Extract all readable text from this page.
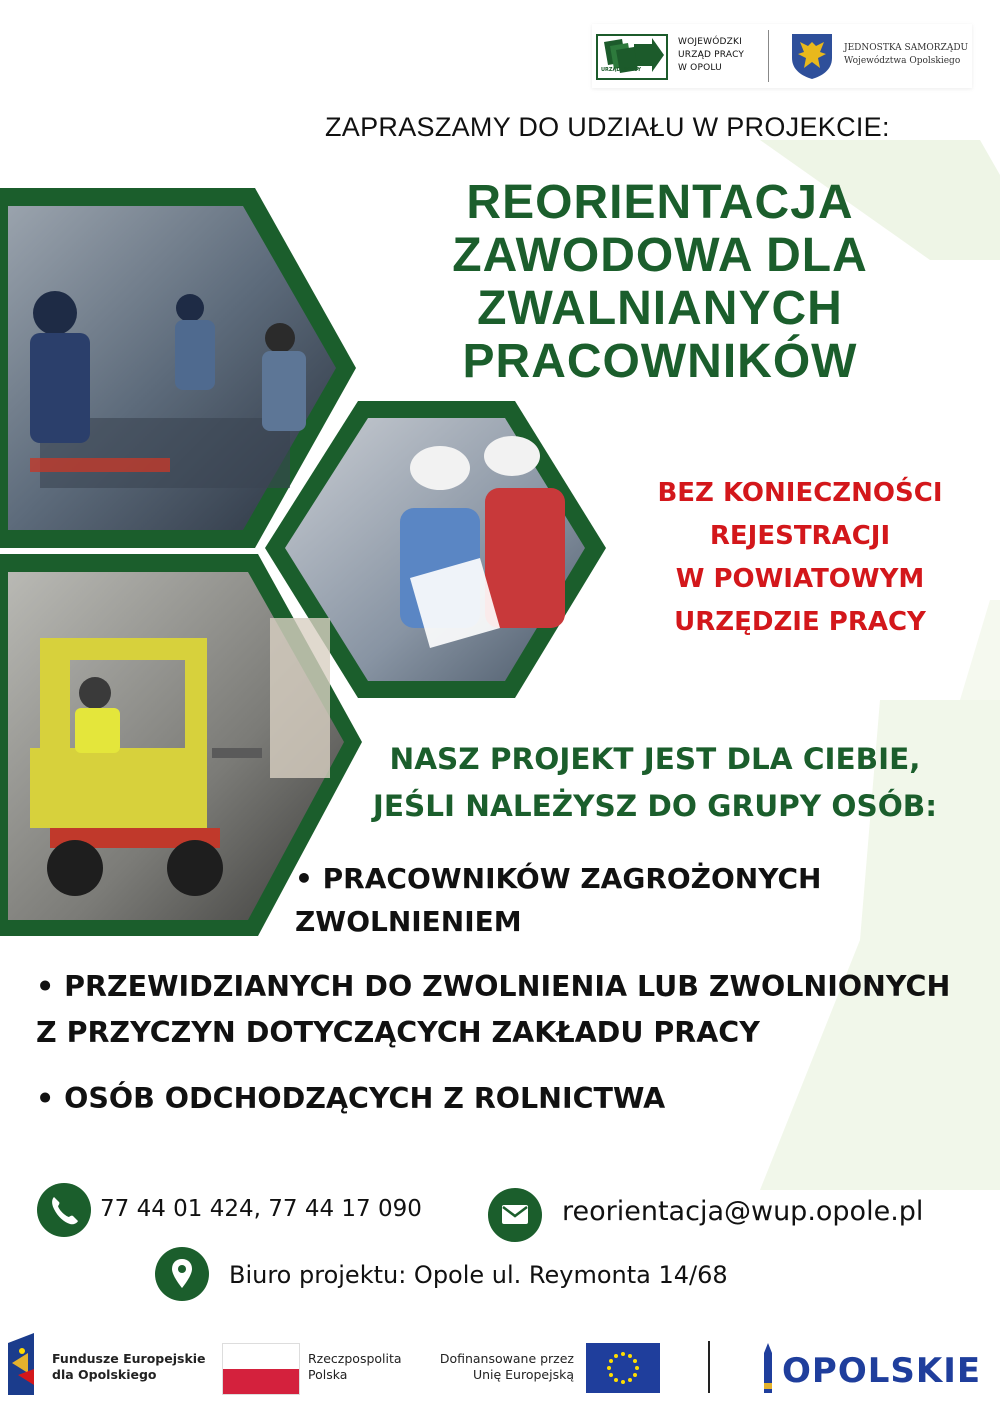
URZĄD PRACY
WOJEWÓDZKI
URZĄD PRACY
W OPOLU
JEDNOSTKA SAMORZĄDU
Województwa Opolskiego
ZAPRASZAMY DO UDZIAŁU W PROJEKCIE:
REORIENTACJA
ZAWODOWA DLA
ZWALNIANYCH
PRACOWNIKÓW
BEZ KONIECZNOŚCI
REJESTRACJI
W POWIATOWYM
URZĘDZIE PRACY
NASZ PROJEKT JEST DLA CIEBIE,
JEŚLI NALEŻYSZ DO GRUPY OSÓB:
• PRACOWNIKÓW ZAGROŻONYCH
ZWOLNIENIEM
• PRZEWIDZIANYCH DO ZWOLNIENIA LUB ZWOLNIONYCH
Z PRZYCZYN DOTYCZĄCYCH ZAKŁADU PRACY
• OSÓB ODCHODZĄCYCH Z ROLNICTWA
77 44 01 424, 77 44 17 090	reorientacja@wup.opole.pl
Biuro projektu: Opole ul. Reymonta 14/68
Fundusze Europejskie
dla Opolskiego
Rzeczpospolita
Polska
Dofinansowane przez
Unię Europejską	OPOLSKIE
